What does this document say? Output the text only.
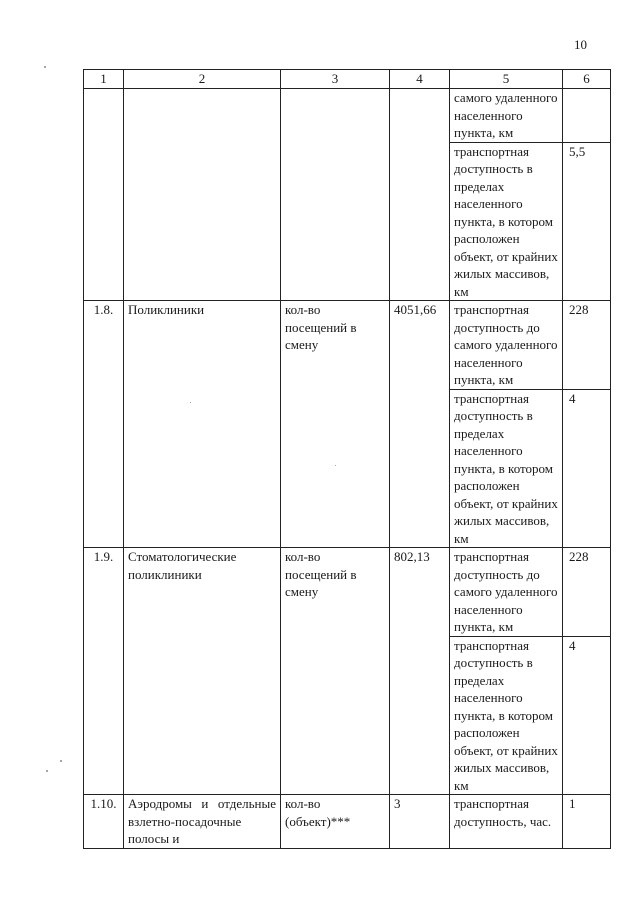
10
1	2	3	4	5	6
				самого удаленного населенного пункта, км	
				транспортная доступность в пределах населенного пункта, в котором расположен объект, от крайних жилых массивов, км	5,5
1.8.	Поликлиники	кол-во посещений в смену	4051,66	транспортная доступность до самого удаленного населенного пункта, км	228
				транспортная доступность в пределах населенного пункта, в котором расположен объект, от крайних жилых массивов, км	4
1.9.	Стоматологические поликлиники	кол-во посещений в смену	802,13	транспортная доступность до самого удаленного населенного пункта, км	228
				транспортная доступность в пределах населенного пункта, в котором расположен объект, от крайних жилых массивов, км	4
1.10.	Аэродромы и отдельные взлетно-посадочные полосы и	кол-во (объект)***	3	транспортная доступность, час.	1
